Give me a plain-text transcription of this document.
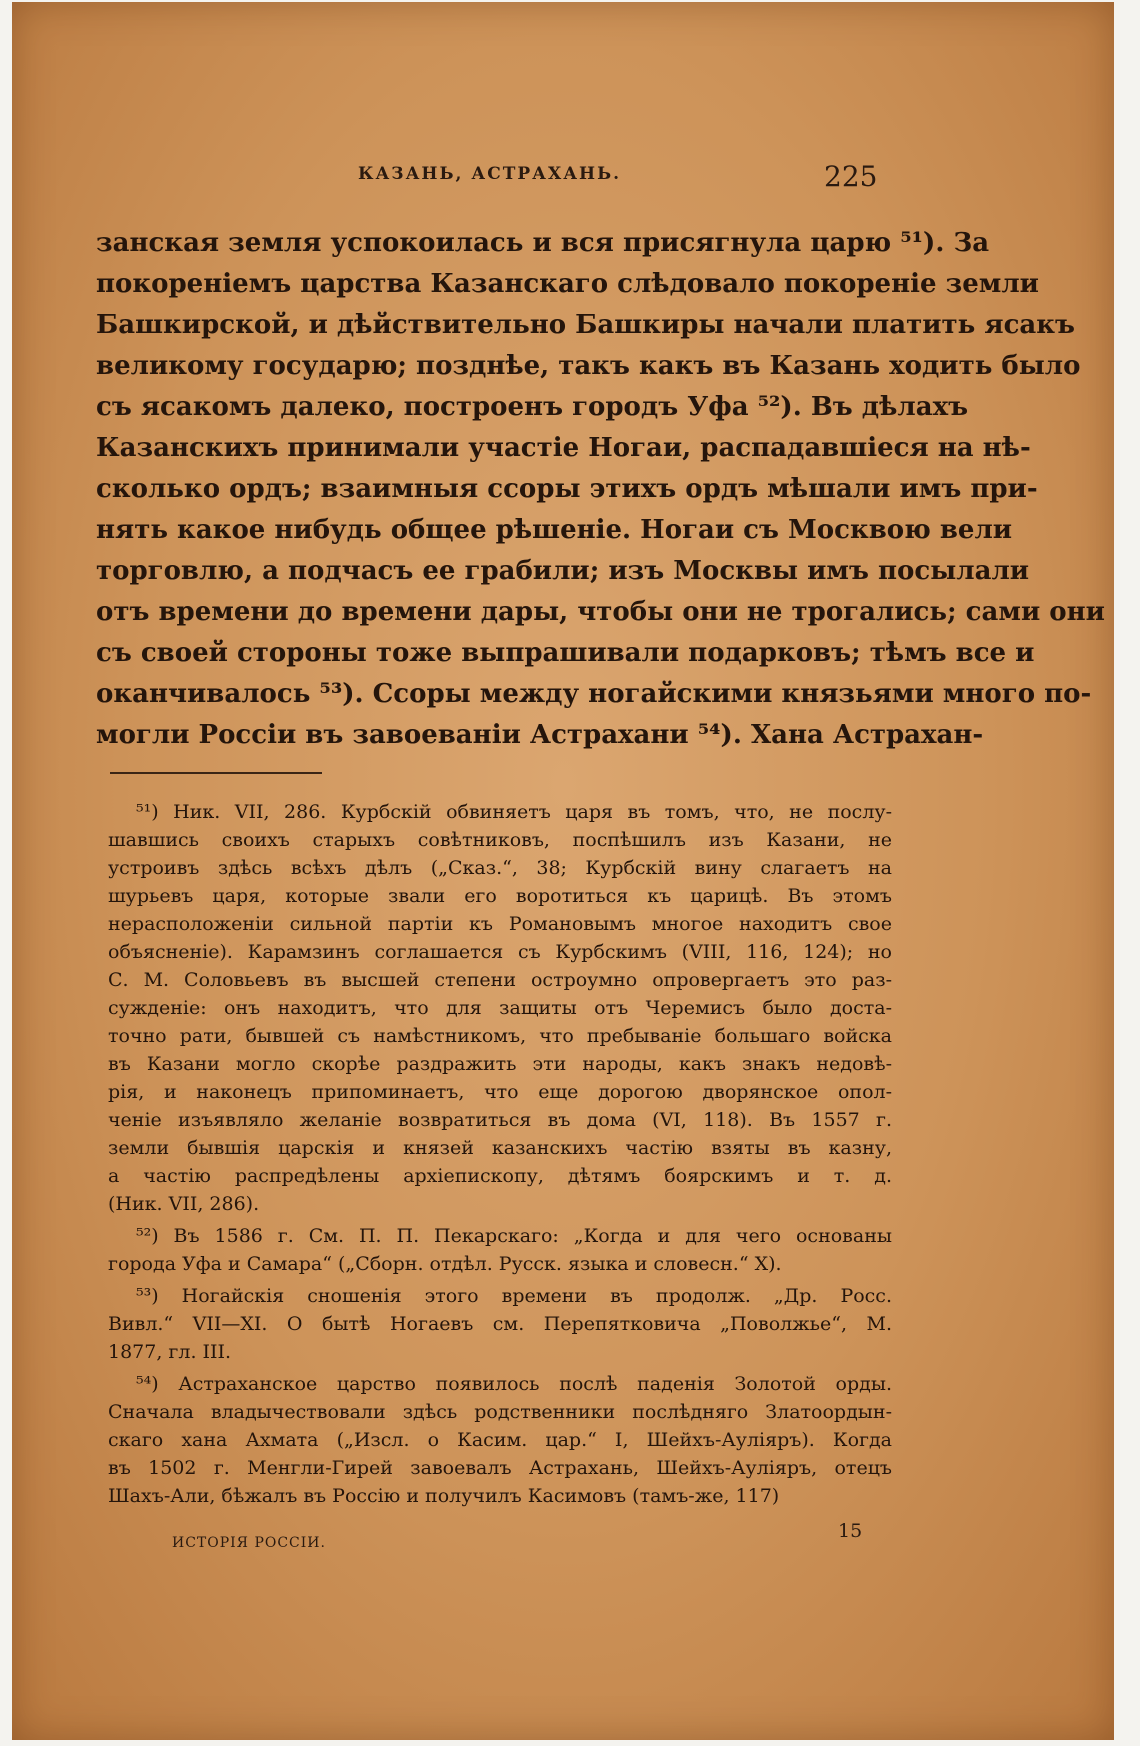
КАЗАНЬ, АСТРАХАНЬ.	225
занская земля успокоилась и вся присягнула царю ⁵¹). За
покореніемъ царства Казанскаго слѣдовало покореніе земли
Башкирской, и дѣйствительно Башкиры начали платить ясакъ
великому государю; позднѣе, такъ какъ въ Казань ходить было
съ ясакомъ далеко, построенъ городъ Уфа ⁵²). Въ дѣлахъ
Казанскихъ принимали участіе Ногаи, распадавшіеся на нѣ-
сколько ордъ; взаимныя ссоры этихъ ордъ мѣшали имъ при-
нять какое нибудь общее рѣшеніе. Ногаи съ Москвою вели
торговлю, а подчасъ ее грабили; изъ Москвы имъ посылали
отъ времени до времени дары, чтобы они не трогались; сами они
съ своей стороны тоже выпрашивали подарковъ; тѣмъ все и
оканчивалось ⁵³). Ссоры между ногайскими князьями много по-
могли Россіи въ завоеваніи Астрахани ⁵⁴). Хана Астрахан-
⁵¹) Ник. VII, 286. Курбскій обвиняетъ царя въ томъ, что, не послу-
шавшись своихъ старыхъ совѣтниковъ, поспѣшилъ изъ Казани, не
устроивъ здѣсь всѣхъ дѣлъ („Сказ.“, 38; Курбскій вину слагаетъ на
шурьевъ царя, которые звали его воротиться къ царицѣ. Въ этомъ
нерасположеніи сильной партіи къ Романовымъ многое находитъ свое
объясненіе). Карамзинъ соглашается съ Курбскимъ (VIII, 116, 124); но
С. М. Соловьевъ въ высшей степени остроумно опровергаетъ это раз-
сужденіе: онъ находитъ, что для защиты отъ Черемисъ было доста-
точно рати, бывшей съ намѣстникомъ, что пребываніе большаго войска
въ Казани могло скорѣе раздражить эти народы, какъ знакъ недовѣ-
рія, и наконецъ припоминаетъ, что еще дорогою дворянское опол-
ченіе изъявляло желаніе возвратиться въ дома (VI, 118). Въ 1557 г.
земли бывшія царскія и князей казанскихъ частію взяты въ казну,
а частію распредѣлены архіепископу, дѣтямъ боярскимъ и т. д.
(Ник. VII, 286).
⁵²) Въ 1586 г. См. П. П. Пекарскаго: „Когда и для чего основаны
города Уфа и Самара“ („Сборн. отдѣл. Русск. языка и словесн.“ X).
⁵³) Ногайскія сношенія этого времени въ продолж. „Др. Росс.
Вивл.“ VII—XI. О бытѣ Ногаевъ см. Перепятковича „Поволжье“, М.
1877, гл. III.
⁵⁴) Астраханское царство появилось послѣ паденія Золотой орды.
Сначала владычествовали здѣсь родственники послѣдняго Златоордын-
скаго хана Ахмата („Изсл. о Касим. цар.“ I, Шейхъ-Ауліяръ). Когда
въ 1502 г. Менгли-Гирей завоевалъ Астрахань, Шейхъ-Ауліяръ, отецъ
Шахъ-Али, бѣжалъ въ Россію и получилъ Касимовъ (тамъ-же, 117)
ИСТОРІЯ РОССІИ.
15
